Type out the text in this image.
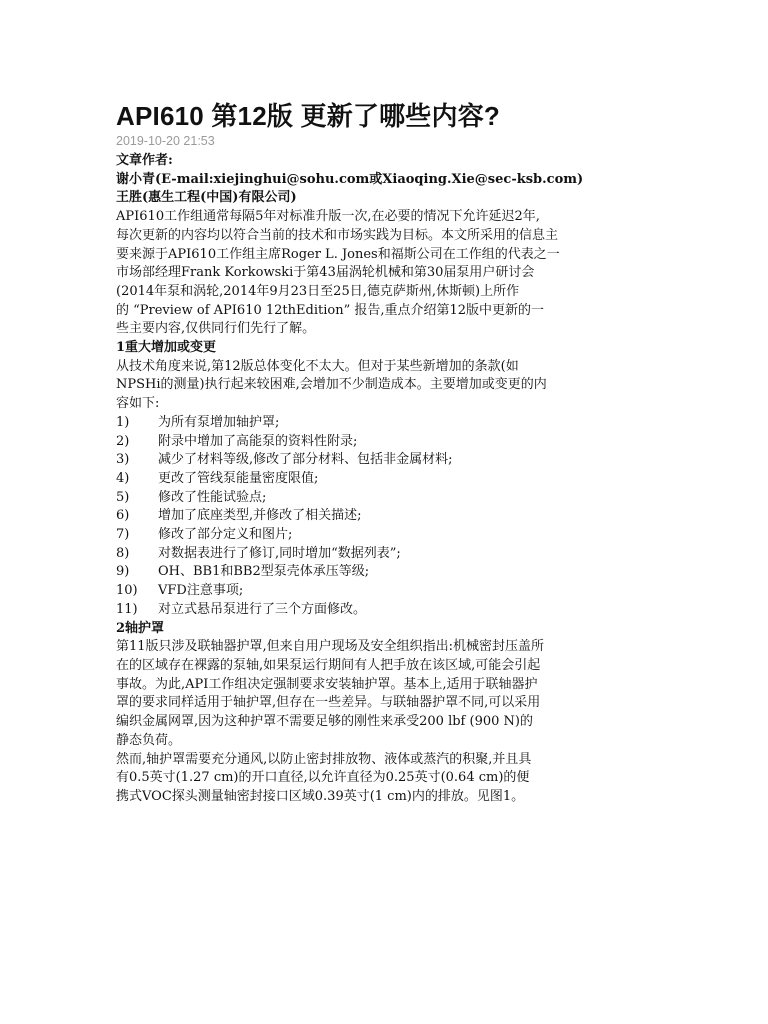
API610 第12版 更新了哪些内容?
2019-10-20 21:53

文章作者:

谢小青(E-mail:xiejinghui@sohu.com或Xiaoqing.Xie@sec-ksb.com)

王胜(惠生工程(中国)有限公司)

API610工作组通常每隔5年对标准升版一次,在必要的情况下允许延迟2年,

每次更新的内容均以符合当前的技术和市场实践为目标。本文所采用的信息主

要来源于API610工作组主席Roger L. Jones和福斯公司在工作组的代表之一

市场部经理Frank Korkowski于第43届涡轮机械和第30届泵用户研讨会

(2014年泵和涡轮,2014年9月23日至25日,德克萨斯州,休斯顿)上所作

的 “Preview of API610 12thEdition” 报告,重点介绍第12版中更新的一

些主要内容,仅供同行们先行了解。

1重大增加或变更

从技术角度来说,第12版总体变化不太大。但对于某些新增加的条款(如

NPSHi的测量)执行起来较困难,会增加不少制造成本。主要增加或变更的内

容如下:

1)	为所有泵增加轴护罩;
2)	附录中增加了高能泵的资料性附录;
3)	减少了材料等级,修改了部分材料、包括非金属材料;
4)	更改了管线泵能量密度限值;
5)	修改了性能试验点;
6)	增加了底座类型,并修改了相关描述;
7)	修改了部分定义和图片;
8)	对数据表进行了修订,同时增加“数据列表”;
9)	OH、BB1和BB2型泵壳体承压等级;
10)	VFD注意事项;
11)	对立式悬吊泵进行了三个方面修改。

2轴护罩

第11版只涉及联轴器护罩,但来自用户现场及安全组织指出:机械密封压盖所

在的区域存在裸露的泵轴,如果泵运行期间有人把手放在该区域,可能会引起

事故。为此,API工作组决定强制要求安装轴护罩。基本上,适用于联轴器护

罩的要求同样适用于轴护罩,但存在一些差异。与联轴器护罩不同,可以采用

编织金属网罩,因为这种护罩不需要足够的刚性来承受200 lbf (900 N)的

静态负荷。

然而,轴护罩需要充分通风,以防止密封排放物、液体或蒸汽的积聚,并且具

有0.5英寸(1.27 cm)的开口直径,以允许直径为0.25英寸(0.64 cm)的便

携式VOC探头测量轴密封接口区域0.39英寸(1 cm)内的排放。见图1。
